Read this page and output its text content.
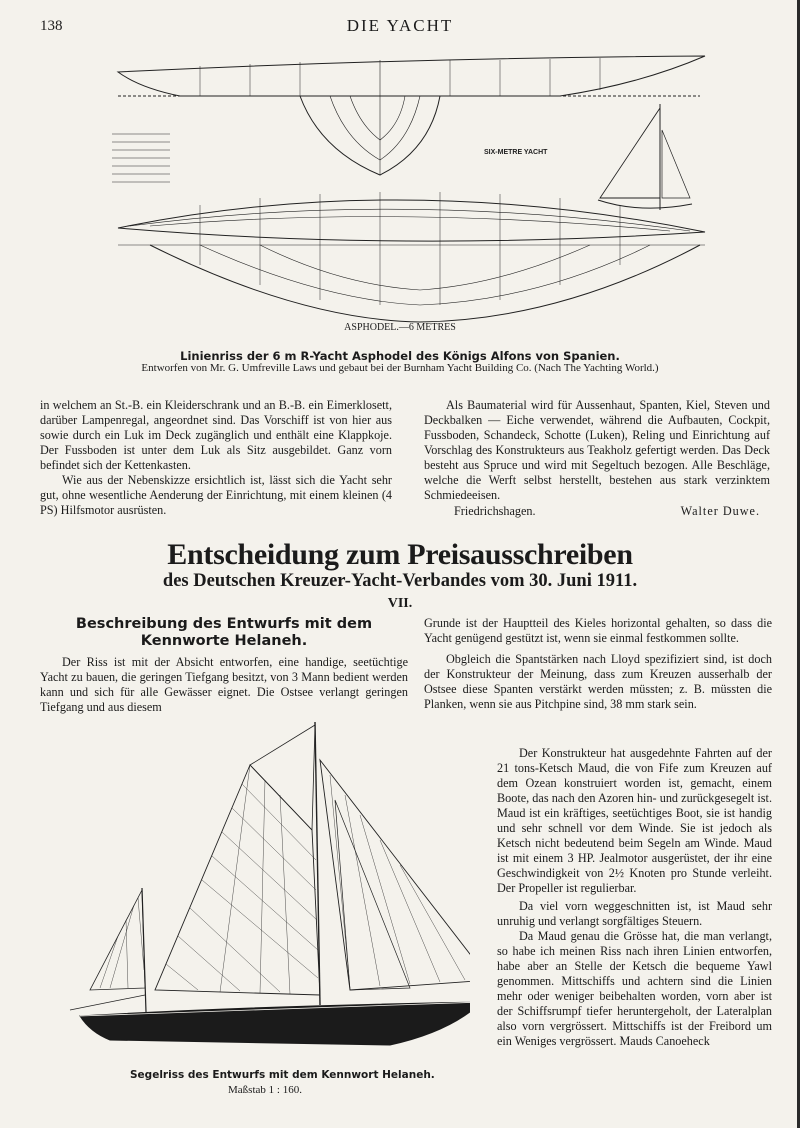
138	DIE YACHT
SIX-METRE YACHT
ASPHODEL.—6 METRES
Linienriss der 6 m R-Yacht Asphodel des Königs Alfons von Spanien.
Entworfen von Mr. G. Umfreville Laws und gebaut bei der Burnham Yacht Building Co. (Nach The Yachting World.)

in welchem an St.-B. ein Kleiderschrank und an B.-B. ein Eimerklosett, darüber Lampenregal, angeordnet sind. Das Vorschiff ist von hier aus sowie durch ein Luk im Deck zugänglich und enthält eine Klappkoje. Der Fussboden ist unter dem Luk als Sitz ausgebildet. Ganz vorn befindet sich der Kettenkasten.

Wie aus der Nebenskizze ersichtlich ist, lässt sich die Yacht sehr gut, ohne wesentliche Aenderung der Einrichtung, mit einem kleinen (4 PS) Hilfsmotor ausrüsten.

Als Baumaterial wird für Aussenhaut, Spanten, Kiel, Steven und Deckbalken — Eiche verwendet, während die Aufbauten, Cockpit, Fussboden, Schandeck, Schotte (Luken), Reling und Einrichtung auf Vorschlag des Konstrukteurs aus Teakholz gefertigt werden. Das Deck besteht aus Spruce und wird mit Segeltuch bezogen. Alle Beschläge, welche die Werft selbst herstellt, bestehen aus stark verzinktem Schmiedeeisen.

Friedrichshagen.	Walter Duwe.
Entscheidung zum Preisausschreiben
des Deutschen Kreuzer-Yacht-Verbandes vom 30. Juni 1911.
VII.
Beschreibung des Entwurfs mit dem Kennworte Helaneh.

Der Riss ist mit der Absicht entworfen, eine handige, seetüchtige Yacht zu bauen, die geringen Tiefgang besitzt, von 3 Mann bedient werden kann und sich für alle Gewässer eignet. Die Ostsee verlangt geringen Tiefgang und aus diesem

Segelriss des Entwurfs mit dem Kennwort Helaneh.
Maßstab 1 : 160.

Grunde ist der Hauptteil des Kieles horizontal gehalten, so dass die Yacht genügend gestützt ist, wenn sie einmal festkommen sollte.

Obgleich die Spantstärken nach Lloyd spezifiziert sind, ist doch der Konstrukteur der Meinung, dass zum Kreuzen ausserhalb der Ostsee diese Spanten verstärkt werden müssten; z. B. müssten die Planken, wenn sie aus Pitchpine sind, 38 mm stark sein.

Der Konstrukteur hat ausgedehnte Fahrten auf der 21 tons-Ketsch Maud, die von Fife zum Kreuzen auf dem Ozean konstruiert worden ist, gemacht, einem Boote, das nach den Azoren hin- und zurückgesegelt ist. Maud ist ein kräftiges, seetüchtiges Boot, sie ist handig und sehr schnell vor dem Winde. Sie ist jedoch als Ketsch nicht bedeutend beim Segeln am Winde. Maud ist mit einem 3 HP. Jealmotor ausgerüstet, der ihr eine Geschwindigkeit von 2½ Knoten pro Stunde verleiht. Der Propeller ist regulierbar.

Da viel vorn weggeschnitten ist, ist Maud sehr unruhig und verlangt sorgfältiges Steuern.

Da Maud genau die Grösse hat, die man verlangt, so habe ich meinen Riss nach ihren Linien entworfen, habe aber an Stelle der Ketsch die bequeme Yawl genommen. Mittschiffs und achtern sind die Linien mehr oder weniger beibehalten worden, vorn aber ist der Schiffsrumpf tiefer heruntergeholt, der Lateralplan also vorn vergrössert. Mittschiffs ist der Freibord um ein Weniges vergrössert. Mauds Canoeheck
